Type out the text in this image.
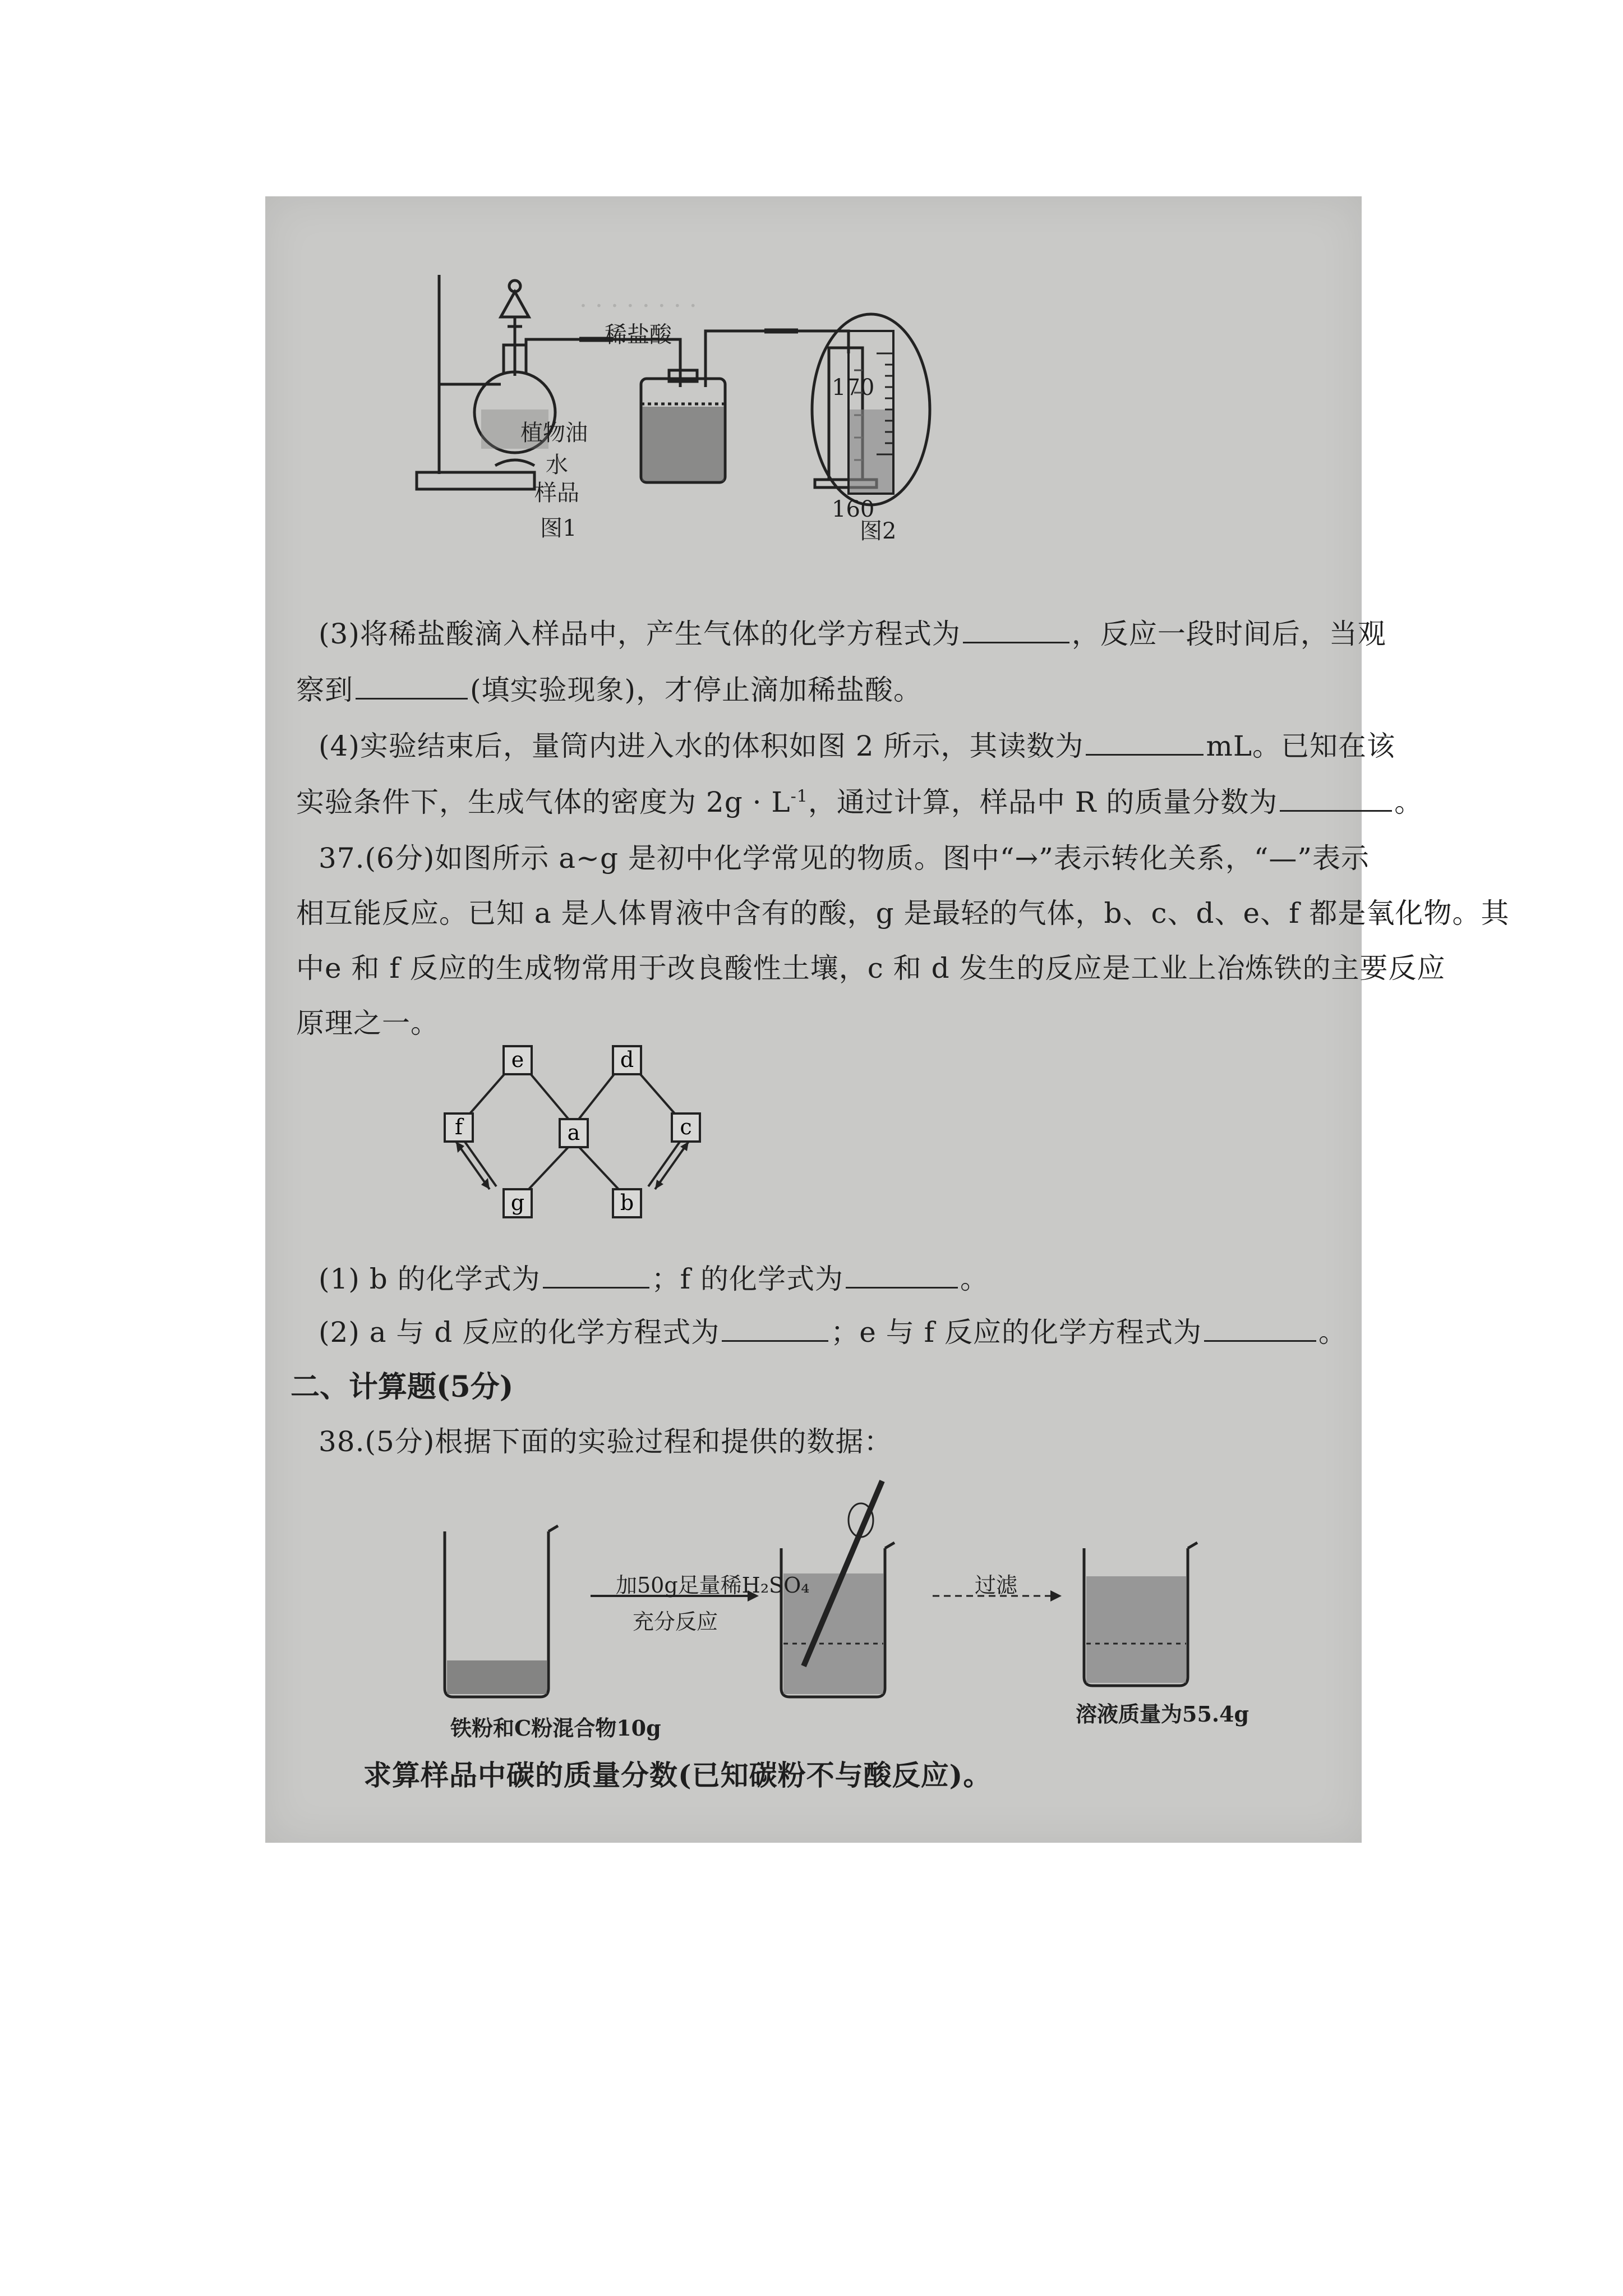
· · · · · · · ·
稀盐酸
植物油
水
样品
图1
170
160
图2
(3)将稀盐酸滴入样品中，产生气体的化学方程式为	，反应一段时间后，当观
察到	(填实验现象)，才停止滴加稀盐酸。
(4)实验结束后，量筒内进入水的体积如图 2 所示，其读数为	mL。已知在该
实验条件下，生成气体的密度为 $2g \cdot L^{-1}$，通过计算，样品中 R 的质量分数为	。
37.(6分)如图所示 a~g 是初中化学常见的物质。图中“→”表示转化关系，“—”表示
相互能反应。已知 a 是人体胃液中含有的酸，g 是最轻的气体，b、c、d、e、f 都是氧化物。其
中e 和 f 反应的生成物常用于改良酸性土壤，c 和 d 发生的反应是工业上冶炼铁的主要反应
原理之一。
e	d
f	a	c
g	b
(1) b 的化学式为	；f 的化学式为	。
(2) a 与 d 反应的化学方程式为	；e 与 f 反应的化学方程式为	。
二、计算题(5分)
38.(5分)根据下面的实验过程和提供的数据：
加50g足量稀H₂SO₄
充分反应
过滤
铁粉和C粉混合物10g
溶液质量为55.4g
求算样品中碳的质量分数(已知碳粉不与酸反应)。
